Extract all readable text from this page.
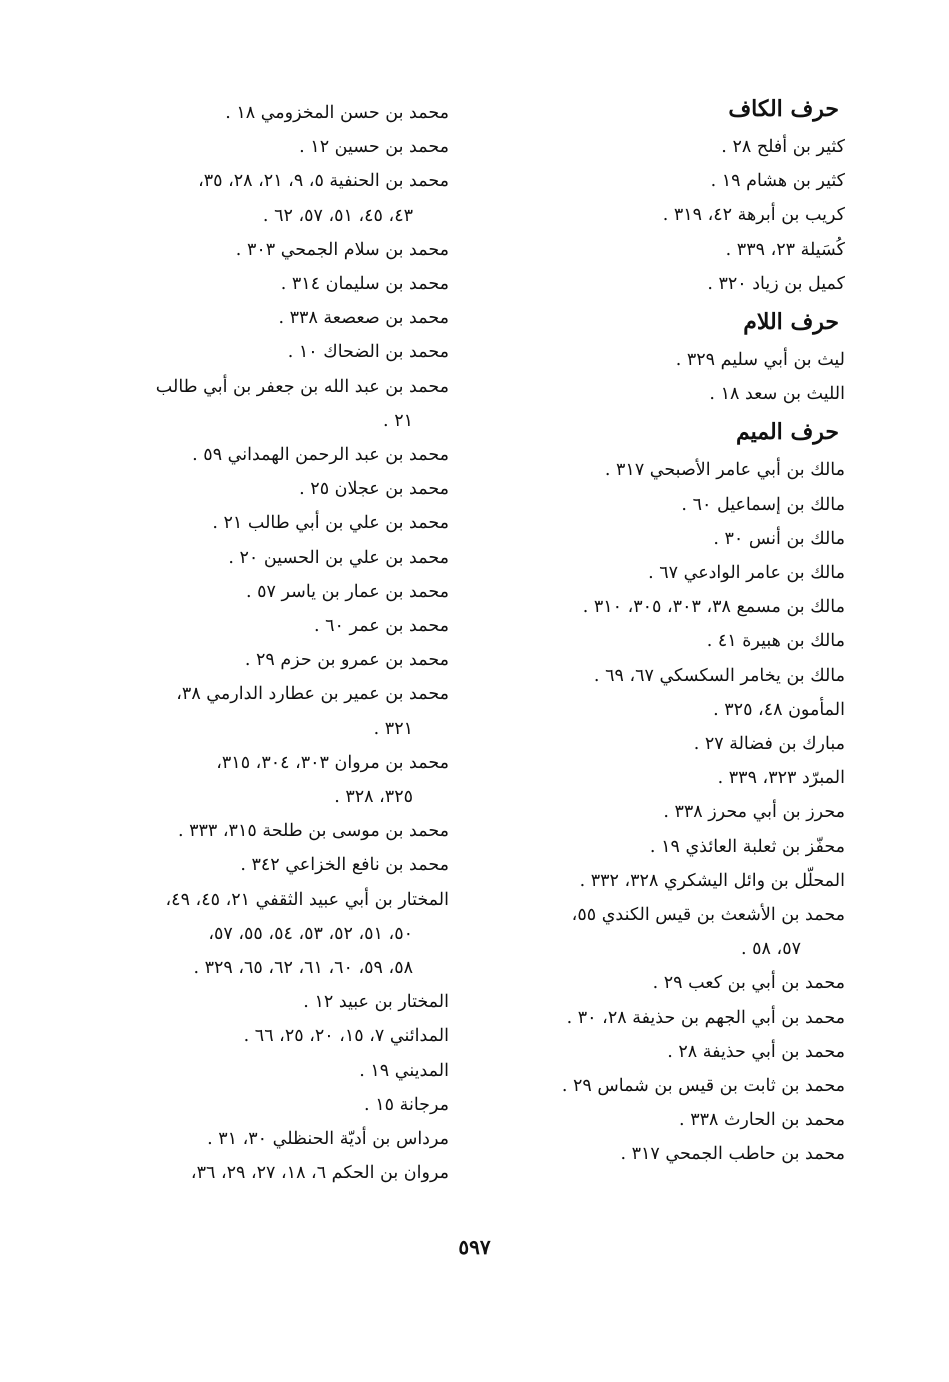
حرف الكاف
كثير بن أفلح ٢٨ .
كثير بن هشام ١٩ .
كريب بن أبرهة ٤٢، ٣١٩ .
كُسَيلة ٢٣، ٣٣٩ .
كميل بن زياد ٣٢٠ .
حرف اللام
ليث بن أبي سليم ٣٢٩ .
الليث بن سعد ١٨ .
حرف الميم
مالك بن أبي عامر الأصبحي ٣١٧ .
مالك بن إسماعيل ٦٠ .
مالك بن أنس ٣٠ .
مالك بن عامر الوادعي ٦٧ .
مالك بن مسمع ٣٨، ٣٠٣، ٣٠٥، ٣١٠ .
مالك بن هبيرة ٤١ .
مالك بن يخامر السكسكي ٦٧، ٦٩ .
المأمون ٤٨، ٣٢٥ .
مبارك بن فضالة ٢٧ .
المبرّد ٣٢٣، ٣٣٩ .
محرز بن أبي محرز ٣٣٨ .
محفّز بن ثعلبة العائذي ١٩ .
المحلّل بن وائل اليشكري ٣٢٨، ٣٣٢ .
محمد بن الأشعث بن قيس الكندي ٥٥،
٥٧، ٥٨ .
محمد بن أبي بن كعب ٢٩ .
محمد بن أبي الجهم بن حذيفة ٢٨، ٣٠ .
محمد بن أبي حذيفة ٢٨ .
محمد بن ثابت بن قيس بن شماس ٢٩ .
محمد بن الحارث ٣٣٨ .
محمد بن حاطب الجمحي ٣١٧ .
محمد بن حسن المخزومي ١٨ .
محمد بن حسين ١٢ .
محمد بن الحنفية ٥، ٩، ٢١، ٢٨، ٣٥،
٤٣، ٤٥، ٥١، ٥٧، ٦٢ .
محمد بن سلام الجمحي ٣٠٣ .
محمد بن سليمان ٣١٤ .
محمد بن صعصعة ٣٣٨ .
محمد بن الضحاك ١٠ .
محمد بن عبد الله بن جعفر بن أبي طالب
٢١ .
محمد بن عبد الرحمن الهمداني ٥٩ .
محمد بن عجلان ٢٥ .
محمد بن علي بن أبي طالب ٢١ .
محمد بن علي بن الحسين ٢٠ .
محمد بن عمار بن ياسر ٥٧ .
محمد بن عمر ٦٠ .
محمد بن عمرو بن حزم ٢٩ .
محمد بن عمير بن عطارد الدارمي ٣٨،
٣٢١ .
محمد بن مروان ٣٠٣، ٣٠٤، ٣١٥،
٣٢٥، ٣٢٨ .
محمد بن موسى بن طلحة ٣١٥، ٣٣٣ .
محمد بن نافع الخزاعي ٣٤٢ .
المختار بن أبي عبيد الثقفي ٢١، ٤٥، ٤٩،
٥٠، ٥١، ٥٢، ٥٣، ٥٤، ٥٥، ٥٧،
٥٨، ٥٩، ٦٠، ٦١، ٦٢، ٦٥، ٣٢٩ .
المختار بن عبيد ١٢ .
المدائني ٧، ١٥، ٢٠، ٢٥، ٦٦ .
المديني ١٩ .
مرجانة ١٥ .
مرداس بن أديّة الحنظلي ٣٠، ٣١ .
مروان بن الحكم ٦، ١٨، ٢٧، ٢٩، ٣٦،
٥٩٧
